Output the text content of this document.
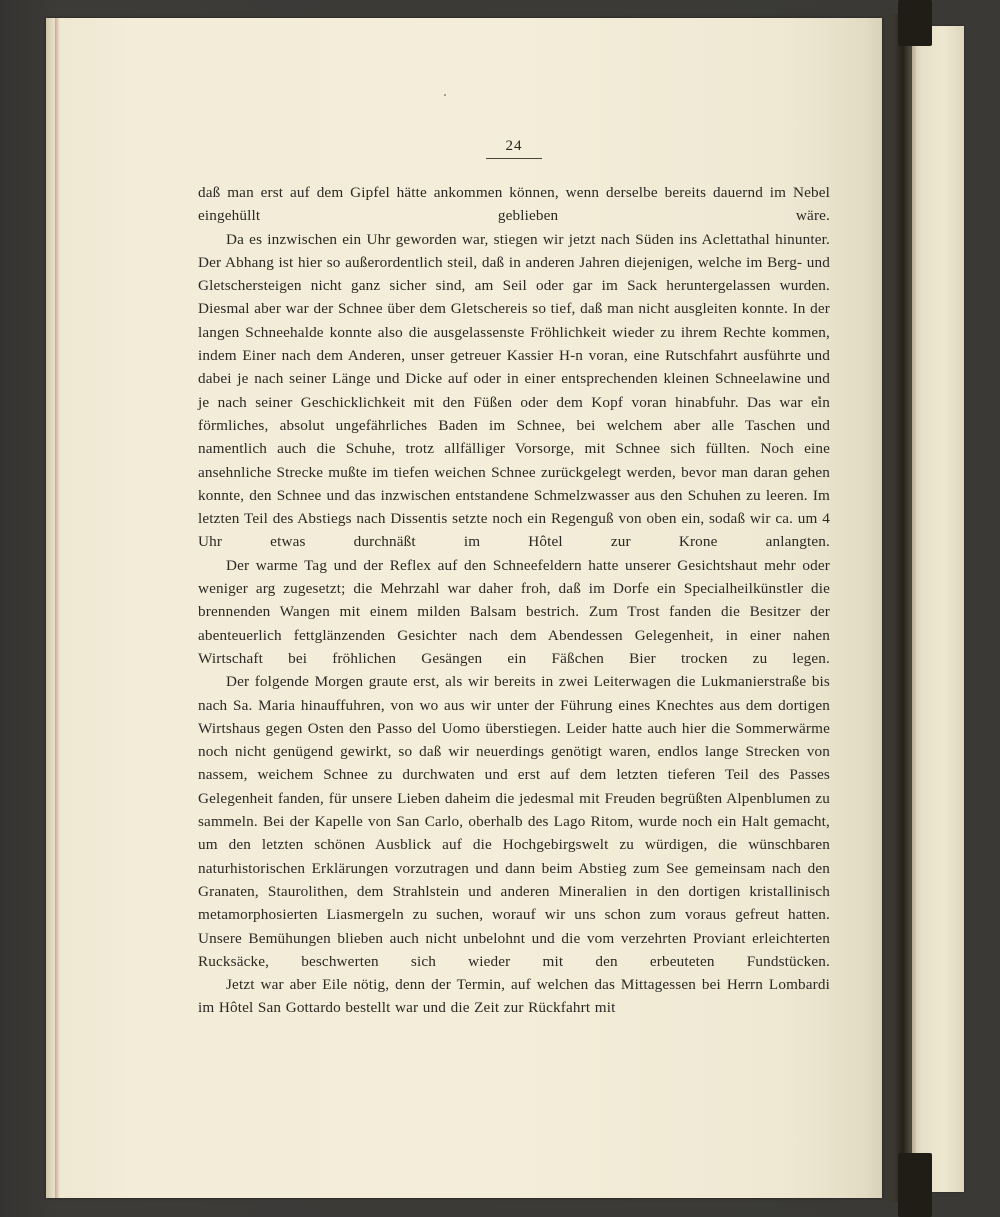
24

daß man erst auf dem Gipfel hätte ankommen können, wenn derselbe bereits dauernd im Nebel eingehüllt geblieben wäre.

Da es inzwischen ein Uhr geworden war, stiegen wir jetzt nach Süden ins Aclettathal hinunter. Der Abhang ist hier so außerordentlich steil, daß in anderen Jahren diejenigen, welche im Berg- und Gletschersteigen nicht ganz sicher sind, am Seil oder gar im Sack heruntergelassen wurden. Diesmal aber war der Schnee über dem Gletschereis so tief, daß man nicht ausgleiten konnte. In der langen Schneehalde konnte also die ausgelassenste Fröhlichkeit wieder zu ihrem Rechte kommen, indem Einer nach dem Anderen, unser getreuer Kassier H-n voran, eine Rutschfahrt ausführte und dabei je nach seiner Länge und Dicke auf oder in einer entsprechenden kleinen Schneelawine und je nach seiner Geschicklichkeit mit den Füßen oder dem Kopf voran hinabfuhr. Das war ein förmliches, absolut ungefährliches Baden im Schnee, bei welchem aber alle Taschen und namentlich auch die Schuhe, trotz allfälliger Vorsorge, mit Schnee sich füllten. Noch eine ansehnliche Strecke mußte im tiefen weichen Schnee zurückgelegt werden, bevor man daran gehen konnte, den Schnee und das inzwischen entstandene Schmelzwasser aus den Schuhen zu leeren. Im letzten Teil des Abstiegs nach Dissentis setzte noch ein Regenguß von oben ein, sodaß wir ca. um 4 Uhr etwas durchnäßt im Hôtel zur Krone anlangten.

Der warme Tag und der Reflex auf den Schneefeldern hatte unserer Gesichtshaut mehr oder weniger arg zugesetzt; die Mehrzahl war daher froh, daß im Dorfe ein Specialheilkünstler die brennenden Wangen mit einem milden Balsam bestrich. Zum Trost fanden die Besitzer der abenteuerlich fettglänzenden Gesichter nach dem Abendessen Gelegenheit, in einer nahen Wirtschaft bei fröhlichen Gesängen ein Fäßchen Bier trocken zu legen.

Der folgende Morgen graute erst, als wir bereits in zwei Leiterwagen die Lukmanierstraße bis nach Sa. Maria hinauffuhren, von wo aus wir unter der Führung eines Knechtes aus dem dortigen Wirtshaus gegen Osten den Passo del Uomo überstiegen. Leider hatte auch hier die Sommerwärme noch nicht genügend gewirkt, so daß wir neuerdings genötigt waren, endlos lange Strecken von nassem, weichem Schnee zu durchwaten und erst auf dem letzten tieferen Teil des Passes Gelegenheit fanden, für unsere Lieben daheim die jedesmal mit Freuden begrüßten Alpenblumen zu sammeln. Bei der Kapelle von San Carlo, oberhalb des Lago Ritom, wurde noch ein Halt gemacht, um den letzten schönen Ausblick auf die Hochgebirgswelt zu würdigen, die wünschbaren naturhistorischen Erklärungen vorzutragen und dann beim Abstieg zum See gemeinsam nach den Granaten, Staurolithen, dem Strahlstein und anderen Mineralien in den dortigen kristallinisch metamorphosierten Liasmergeln zu suchen, worauf wir uns schon zum voraus gefreut hatten. Unsere Bemühungen blieben auch nicht unbelohnt und die vom verzehrten Proviant erleichterten Rucksäcke, beschwerten sich wieder mit den erbeuteten Fundstücken.

Jetzt war aber Eile nötig, denn der Termin, auf welchen das Mittagessen bei Herrn Lombardi im Hôtel San Gottardo bestellt war und die Zeit zur Rückfahrt mit
